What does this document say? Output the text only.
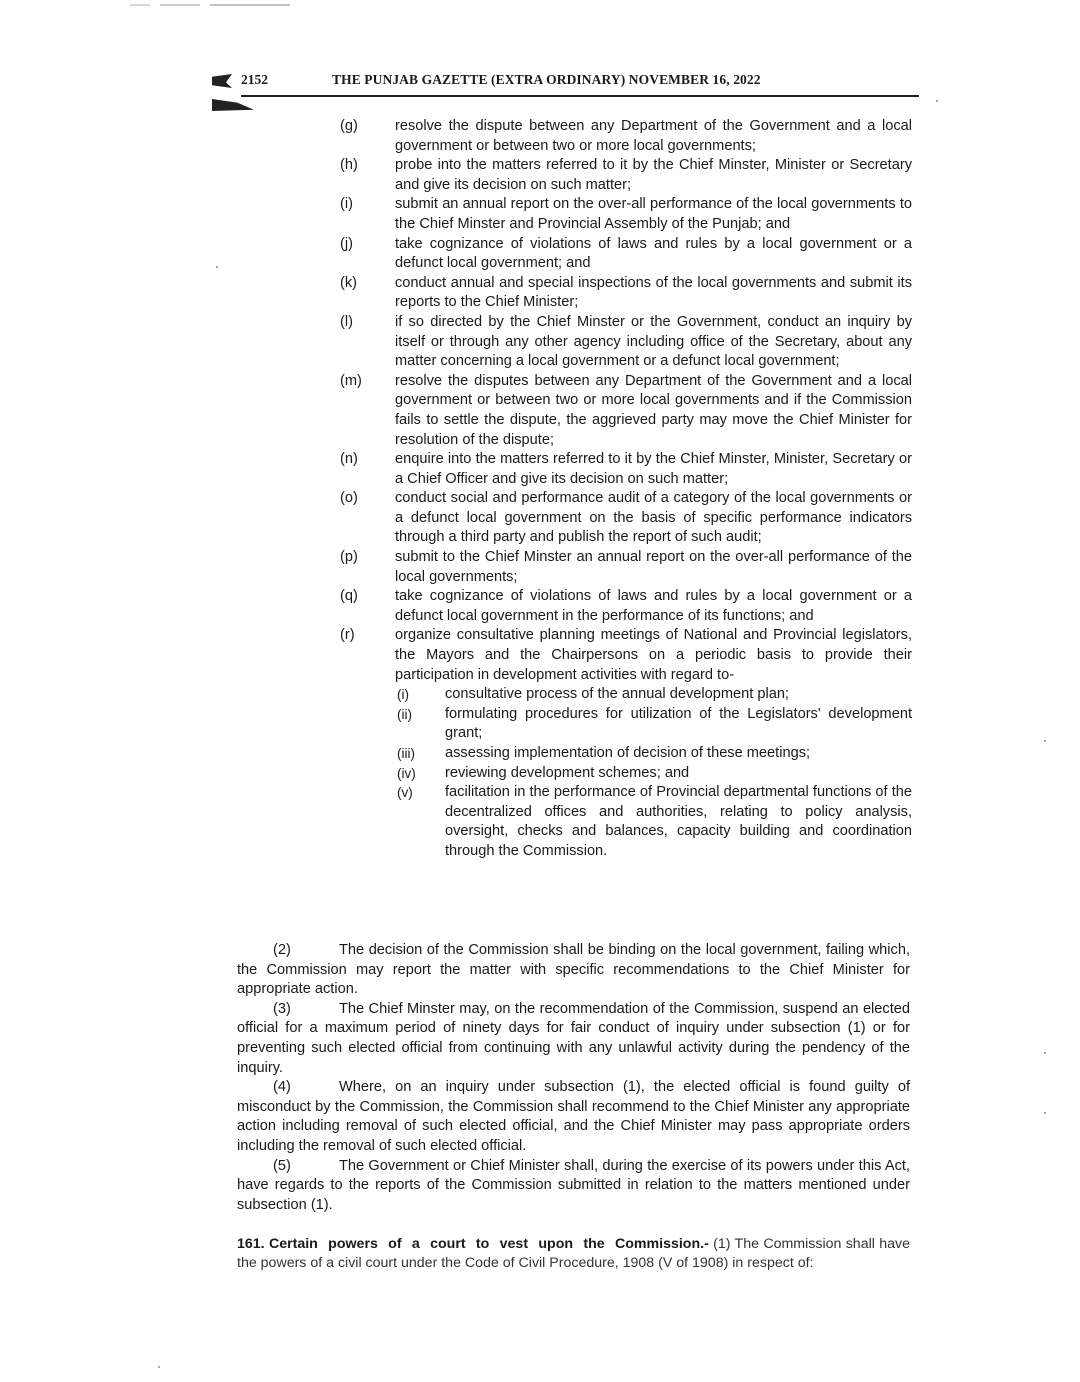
2152	THE PUNJAB GAZETTE (EXTRA ORDINARY) NOVEMBER 16, 2022
(g)	resolve the dispute between any Department of the Government and a local government or between two or more local governments;
(h)	probe into the matters referred to it by the Chief Minster, Minister or Secretary and give its decision on such matter;
(i)	submit an annual report on the over-all performance of the local governments to the Chief Minster and Provincial Assembly of the Punjab; and
(j)	take cognizance of violations of laws and rules by a local government or a defunct local government; and
(k)	conduct annual and special inspections of the local governments and submit its reports to the Chief Minister;
(l)	if so directed by the Chief Minster or the Government, conduct an inquiry by itself or through any other agency including office of the Secretary, about any matter concerning a local government or a defunct local government;
(m) resolve the disputes between any Department of the Government and a local government or between two or more local governments and if the Commission fails to settle the dispute, the aggrieved party may move the Chief Minister for resolution of the dispute;
(n)	enquire into the matters referred to it by the Chief Minster, Minister, Secretary or a Chief Officer and give its decision on such matter;
(o)	conduct social and performance audit of a category of the local governments or a defunct local government on the basis of specific performance indicators through a third party and publish the report of such audit;
(p)	submit to the Chief Minster an annual report on the over-all performance of the local governments;
(q)	take cognizance of violations of laws and rules by a local government or a defunct local government in the performance of its functions; and
(r)	organize consultative planning meetings of National and Provincial legislators, the Mayors and the Chairpersons on a periodic basis to provide their participation in development activities with regard to-
(i) consultative process of the annual development plan;
(ii) formulating procedures for utilization of the Legislators' development grant;
(iii) assessing implementation of decision of these meetings;
(iv) reviewing development schemes; and
(v) facilitation in the performance of Provincial departmental functions of the decentralized offices and authorities, relating to policy analysis, oversight, checks and balances, capacity building and coordination through the Commission.

(2)	The decision of the Commission shall be binding on the local government, failing which, the Commission may report the matter with specific recommendations to the Chief Minister for appropriate action.

(3)	The Chief Minster may, on the recommendation of the Commission, suspend an elected official for a maximum period of ninety days for fair conduct of inquiry under subsection (1) or for preventing such elected official from continuing with any unlawful activity during the pendency of the inquiry.

(4)	Where, on an inquiry under subsection (1), the elected official is found guilty of misconduct by the Commission, the Commission shall recommend to the Chief Minister any appropriate action including removal of such elected official, and the Chief Minister may pass appropriate orders including the removal of such elected official.

(5)	The Government or Chief Minister shall, during the exercise of its powers under this Act, have regards to the reports of the Commission submitted in relation to the matters mentioned under subsection (1).

161. Certain powers of a court to vest upon the Commission.- (1) The Commission shall have the powers of a civil court under the Code of Civil Procedure, 1908 (V of 1908) in respect of:
